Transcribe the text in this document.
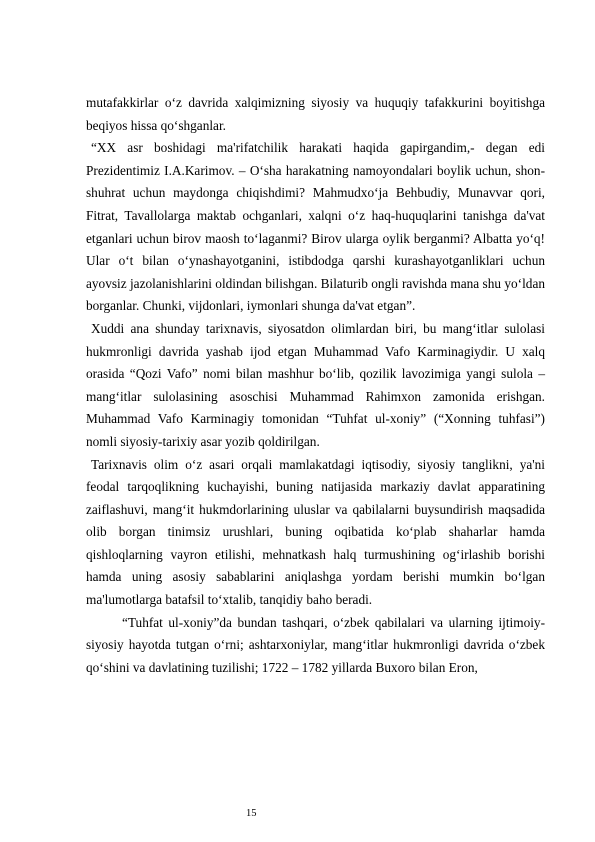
mutafakkirlar o‘z davrida xalqimizning siyosiy va huquqiy tafakkurini boyitishga beqiyos hissa qo‘shganlar.

“XX asr boshidagi ma'rifatchilik harakati haqida gapirgandim,- degan edi Prezidentimiz I.A.Karimov. – O‘sha harakatning namoyondalari boylik uchun, shon-shuhrat uchun maydonga chiqishdimi? Mahmudxo‘ja Behbudiy, Munavvar qori, Fitrat, Tavallolarga maktab ochganlari, xalqni o‘z haq-huquqlarini tanishga da'vat etganlari uchun birov maosh to‘laganmi? Birov ularga oylik berganmi? Albatta yo‘q! Ular o‘t bilan o‘ynashayotganini, istibdodga qarshi kurashayotganliklari uchun ayovsiz jazolanishlarini oldindan bilishgan. Bilaturib ongli ravishda mana shu yo‘ldan borganlar. Chunki, vijdonlari, iymonlari shunga da'vat etgan”.

Xuddi ana shunday tarixnavis, siyosatdon olimlardan biri, bu mang‘itlar sulolasi hukmronligi davrida yashab ijod etgan Muhammad Vafo Karminagiydir. U xalq orasida “Qozi Vafo” nomi bilan mashhur bo‘lib, qozilik lavozimiga yangi sulola – mang‘itlar sulolasining asoschisi Muhammad Rahimxon zamonida erishgan. Muhammad Vafo Karminagiy tomonidan “Tuhfat ul-xoniy” (“Xonning tuhfasi”) nomli siyosiy-tarixiy asar yozib qoldirilgan.

Tarixnavis olim o‘z asari orqali mamlakatdagi iqtisodiy, siyosiy tanglikni, ya'ni feodal tarqoqlikning kuchayishi, buning natijasida markaziy davlat apparatining zaiflashuvi, mang‘it hukmdorlarining uluslar va qabilalarni buysundirish maqsadida olib borgan tinimsiz urushlari, buning oqibatida ko‘plab shaharlar hamda qishloqlarning vayron etilishi, mehnatkash halq turmushining og‘irlashib borishi hamda uning asosiy sabablarini aniqlashga yordam berishi mumkin bo‘lgan ma'lumotlarga batafsil to‘xtalib, tanqidiy baho beradi.

“Tuhfat ul-xoniy”da bundan tashqari, o‘zbek qabilalari va ularning ijtimoiy-siyosiy hayotda tutgan o‘rni; ashtarxoniylar, mang‘itlar hukmronligi davrida o‘zbek qo‘shini va davlatining tuzilishi; 1722 – 1782 yillarda Buxoro bilan Eron,

15
